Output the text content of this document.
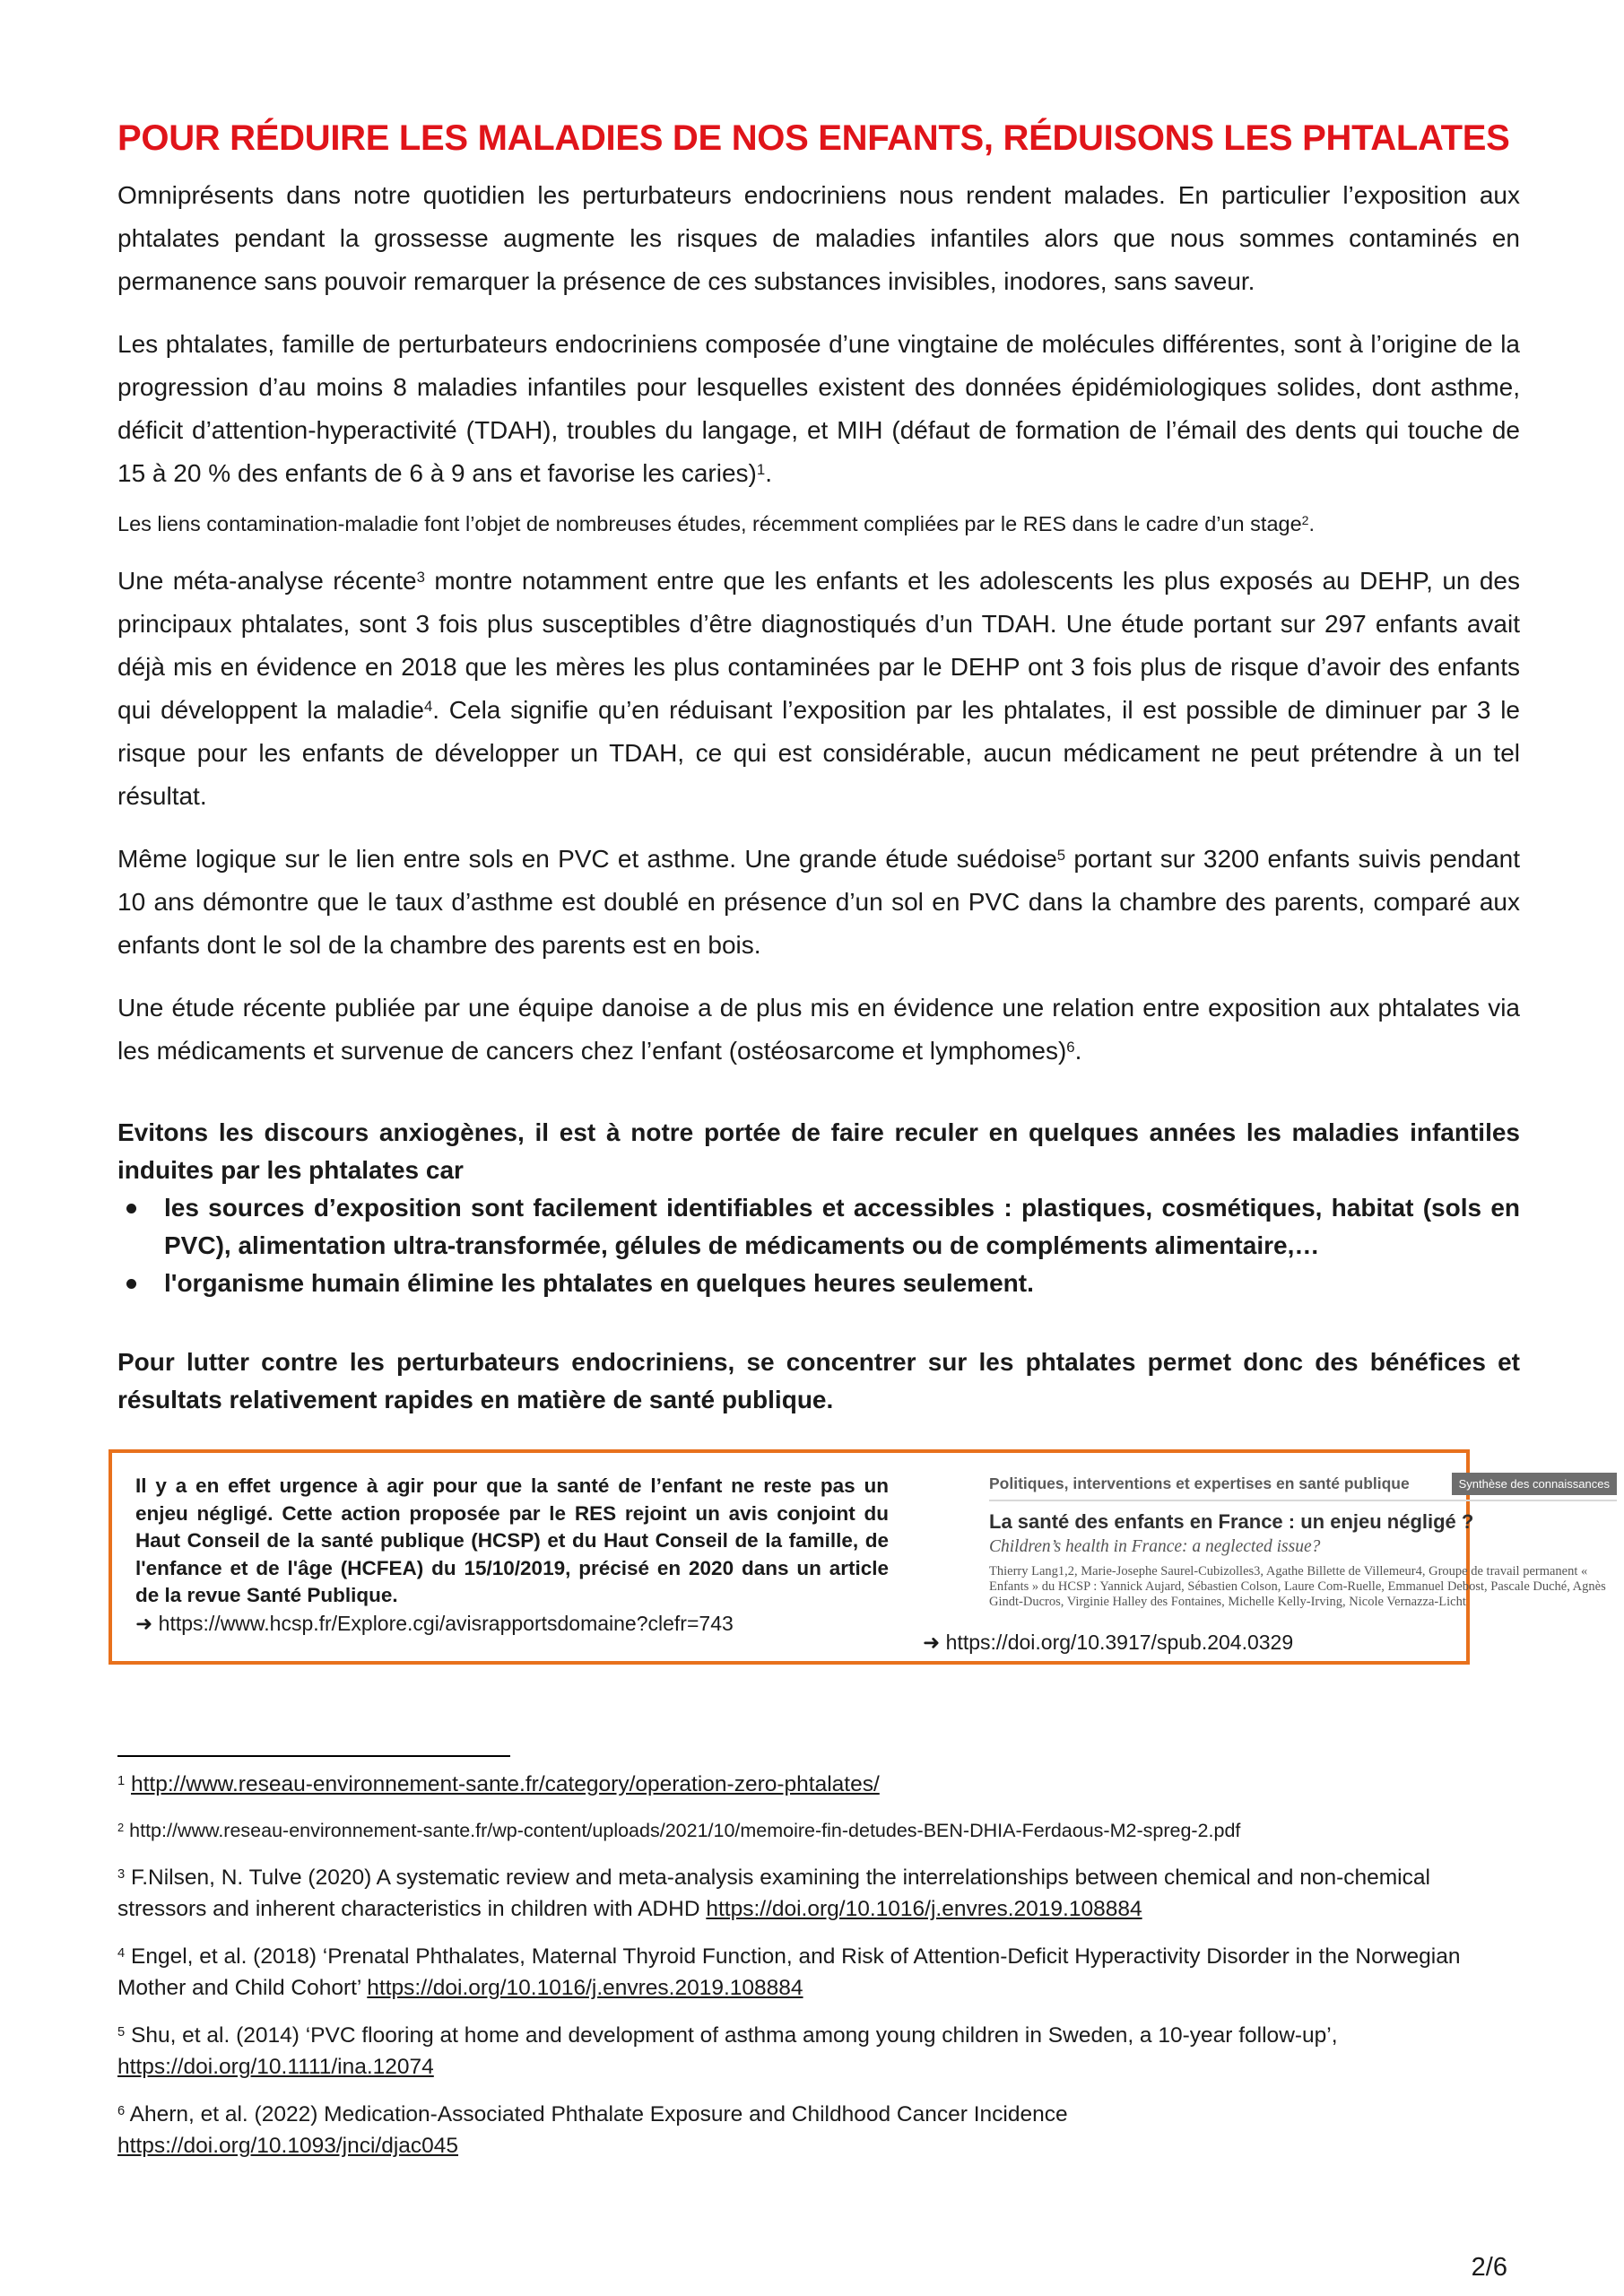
POUR RÉDUIRE LES MALADIES DE NOS ENFANTS, RÉDUISONS LES PHTALATES

Omniprésents dans notre quotidien les perturbateurs endocriniens nous rendent malades. En particulier l’exposition aux phtalates pendant la grossesse augmente les risques de maladies infantiles alors que nous sommes contaminés en permanence sans pouvoir remarquer la présence de ces substances invisibles, inodores, sans saveur.

Les phtalates, famille de perturbateurs endocriniens composée d’une vingtaine de molécules différentes, sont à l’origine de la progression d’au moins 8 maladies infantiles pour lesquelles existent des données épidémiologiques solides, dont asthme, déficit d’attention-hyperactivité (TDAH), troubles du langage, et MIH (défaut de formation de l’émail des dents qui touche de 15 à 20 % des enfants de 6 à 9 ans et favorise les caries)$^1$.

Les liens contamination-maladie font l’objet de nombreuses études, récemment compliées par le RES dans le cadre d’un stage$^2$.

Une méta-analyse récente$^3$ montre notamment entre que les enfants et les adolescents les plus exposés au DEHP, un des principaux phtalates, sont 3 fois plus susceptibles d’être diagnostiqués d’un TDAH. Une étude portant sur 297 enfants avait déjà mis en évidence en 2018 que les mères les plus contaminées par le DEHP ont 3 fois plus de risque d’avoir des enfants qui développent la maladie$^4$. Cela signifie qu’en réduisant l’exposition par les phtalates, il est possible de diminuer par 3 le risque pour les enfants de développer un TDAH, ce qui est considérable, aucun médicament ne peut prétendre à un tel résultat.

Même logique sur le lien entre sols en PVC et asthme. Une grande étude suédoise$^5$ portant sur 3200 enfants suivis pendant 10 ans démontre que le taux d’asthme est doublé en présence d’un sol en PVC dans la chambre des parents, comparé aux enfants dont le sol de la chambre des parents est en bois.

Une étude récente publiée par une équipe danoise a de plus mis en évidence une relation entre exposition aux phtalates via les médicaments et survenue de cancers chez l’enfant (ostéosarcome et lymphomes)$^6$.

Evitons les discours anxiogènes, il est à notre portée de faire reculer en quelques années les maladies infantiles induites par les phtalates car

les sources d’exposition sont facilement identifiables et accessibles : plastiques, cosmétiques, habitat (sols en PVC), alimentation ultra-transformée, gélules de médicaments ou de compléments alimentaire,…
l'organisme humain élimine les phtalates en quelques heures seulement.

Pour lutter contre les perturbateurs endocriniens, se concentrer sur les phtalates permet donc des bénéfices et résultats relativement rapides en matière de santé publique.

Il y a en effet urgence à agir pour que la santé de l’enfant ne reste pas un enjeu négligé. Cette action proposée par le RES rejoint un avis conjoint du Haut Conseil de la santé publique (HCSP) et du Haut Conseil de la famille, de l'enfance et de l'âge (HCFEA) du 15/10/2019, précisé en 2020 dans un article de la revue Santé Publique.

➜ https://www.hcsp.fr/Explore.cgi/avisrapportsdomaine?clefr=743
Politiques, interventions et expertises en santé publique	Synthèse des connaissances
La santé des enfants en France : un enjeu négligé ?
Children’s health in France: a neglected issue?
Thierry Lang1,2, Marie-Josephe Saurel-Cubizolles3, Agathe Billette de Villemeur4, Groupe de travail permanent « Enfants » du HCSP : Yannick Aujard, Sébastien Colson, Laure Com-Ruelle, Emmanuel Debost, Pascale Duché, Agnès Gindt-Ducros, Virginie Halley des Fontaines, Michelle Kelly-Irving, Nicole Vernazza-Licht
➜ https://doi.org/10.3917/spub.204.0329
$^1$ http://www.reseau-environnement-sante.fr/category/operation-zero-phtalates/
$^2$ http://www.reseau-environnement-sante.fr/wp-content/uploads/2021/10/memoire-fin-detudes-BEN-DHIA-Ferdaous-M2-spreg-2.pdf
$^3$ F.Nilsen, N. Tulve (2020) A systematic review and meta-analysis examining the interrelationships between chemical and non-chemical stressors and inherent characteristics in children with ADHD https://doi.org/10.1016/j.envres.2019.108884
$^4$ Engel, et al. (2018) ‘Prenatal Phthalates, Maternal Thyroid Function, and Risk of Attention-Deficit Hyperactivity Disorder in the Norwegian Mother and Child Cohort’ https://doi.org/10.1016/j.envres.2019.108884
$^5$ Shu, et al. (2014) ‘PVC flooring at home and development of asthma among young children in Sweden, a 10-year follow-up’, https://doi.org/10.1111/ina.12074
$^6$ Ahern, et al. (2022) Medication-Associated Phthalate Exposure and Childhood Cancer Incidence
https://doi.org/10.1093/jnci/djac045
2/6
